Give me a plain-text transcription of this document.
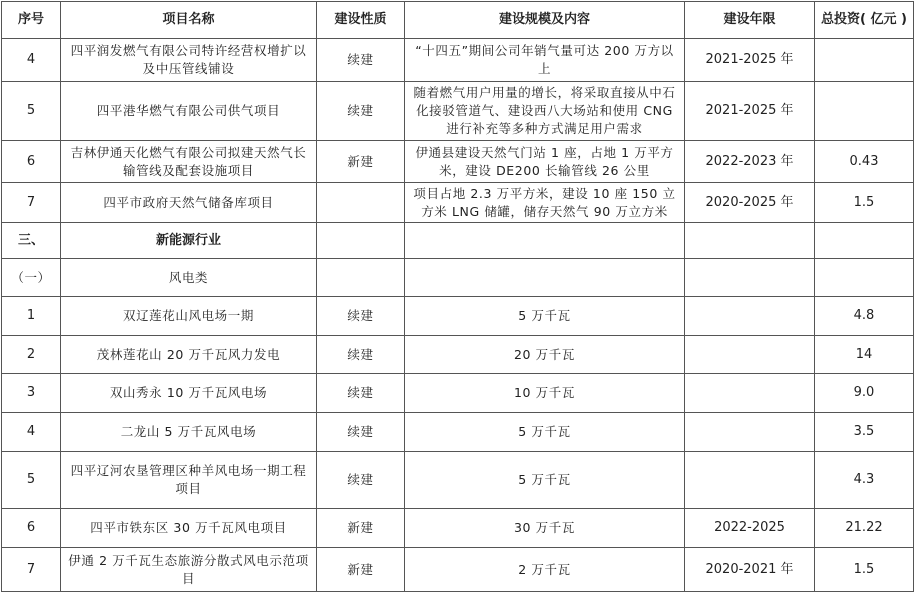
序号	项目名称	建设性质	建设规模及内容	建设年限	总投资( 亿元 )
4	四平润发燃气有限公司特许经营权增扩以及中压管线铺设	续建	“十四五”期间公司年销气量可达 200 万方以上	2021-2025 年	
5	四平港华燃气有限公司供气项目	续建	随着燃气用户用量的增长，将采取直接从中石化接驳管道气、建设西八大场站和使用 CNG 进行补充等多种方式满足用户需求	2021-2025 年	
6	吉林伊通天化燃气有限公司拟建天然气长输管线及配套设施项目	新建	伊通县建设天然气门站 1 座，占地 1 万平方米，建设 DE200 长输管线 26 公里	2022-2023 年	0.43
7	四平市政府天然气储备库项目		项目占地 2.3 万平方米，建设 10 座 150 立方米 LNG 储罐，储存天然气 90 万立方米	2020-2025 年	1.5
三、	新能源行业				
（一）	风电类				
1	双辽莲花山风电场一期	续建	5 万千瓦		4.8
2	茂林莲花山 20 万千瓦风力发电	续建	20 万千瓦		14
3	双山秀永 10 万千瓦风电场	续建	10 万千瓦		9.0
4	二龙山 5 万千瓦风电场	续建	5 万千瓦		3.5
5	四平辽河农垦管理区种羊风电场一期工程项目	续建	5 万千瓦		4.3
6	四平市铁东区 30 万千瓦风电项目	新建	30 万千瓦	2022-2025	21.22
7	伊通 2 万千瓦生态旅游分散式风电示范项目	新建	2 万千瓦	2020-2021 年	1.5
